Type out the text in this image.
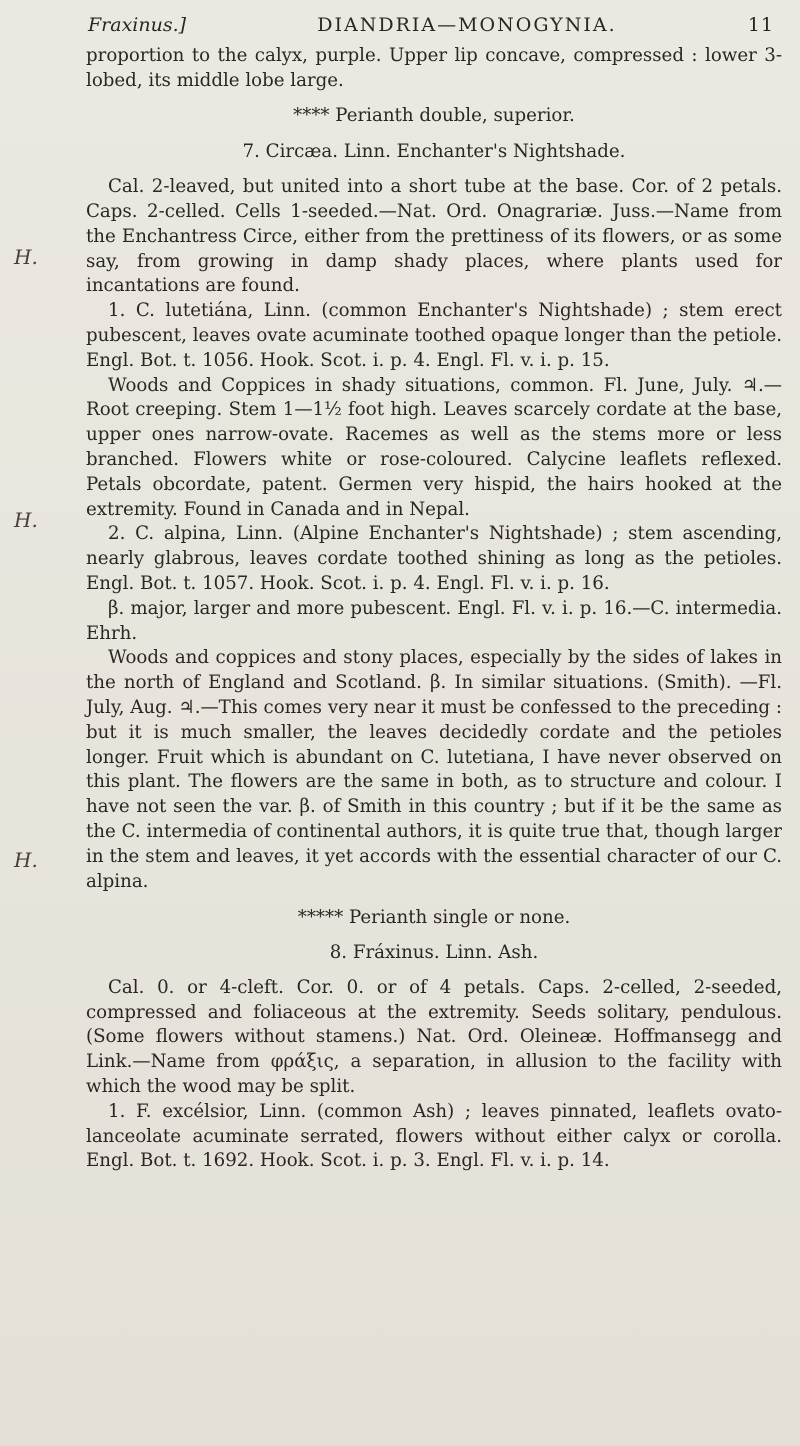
Fraxinus.]	DIANDRIA—MONOGYNIA.	11
H.
H.
H.

proportion to the calyx, purple. Upper lip concave, compressed : lower 3-lobed, its middle lobe large.

**** Perianth double, superior.

7. Circæa. Linn. Enchanter's Nightshade.

Cal. 2-leaved, but united into a short tube at the base. Cor. of 2 petals. Caps. 2-celled. Cells 1-seeded.—Nat. Ord. Onagrariæ. Juss.—Name from the Enchantress Circe, either from the prettiness of its flowers, or as some say, from growing in damp shady places, where plants used for incantations are found.

1. C. lutetiána, Linn. (common Enchanter's Nightshade) ; stem erect pubescent, leaves ovate acuminate toothed opaque longer than the petiole. Engl. Bot. t. 1056. Hook. Scot. i. p. 4. Engl. Fl. v. i. p. 15.

Woods and Coppices in shady situations, common. Fl. June, July. ♃.—Root creeping. Stem 1—1½ foot high. Leaves scarcely cordate at the base, upper ones narrow-ovate. Racemes as well as the stems more or less branched. Flowers white or rose-coloured. Calycine leaflets reflexed. Petals obcordate, patent. Germen very hispid, the hairs hooked at the extremity. Found in Canada and in Nepal.

2. C. alpina, Linn. (Alpine Enchanter's Nightshade) ; stem ascending, nearly glabrous, leaves cordate toothed shining as long as the petioles. Engl. Bot. t. 1057. Hook. Scot. i. p. 4. Engl. Fl. v. i. p. 16.

β. major, larger and more pubescent. Engl. Fl. v. i. p. 16.—C. intermedia. Ehrh.

Woods and coppices and stony places, especially by the sides of lakes in the north of England and Scotland. β. In similar situations. (Smith). —Fl. July, Aug. ♃.—This comes very near it must be confessed to the preceding : but it is much smaller, the leaves decidedly cordate and the petioles longer. Fruit which is abundant on C. lutetiana, I have never observed on this plant. The flowers are the same in both, as to structure and colour. I have not seen the var. β. of Smith in this country ; but if it be the same as the C. intermedia of continental authors, it is quite true that, though larger in the stem and leaves, it yet accords with the essential character of our C. alpina.

***** Perianth single or none.

8. Fráxinus. Linn. Ash.

Cal. 0. or 4-cleft. Cor. 0. or of 4 petals. Caps. 2-celled, 2-seeded, compressed and foliaceous at the extremity. Seeds solitary, pendulous. (Some flowers without stamens.) Nat. Ord. Oleineæ. Hoffmansegg and Link.—Name from φράξις, a separation, in allusion to the facility with which the wood may be split.

1. F. excélsior, Linn. (common Ash) ; leaves pinnated, leaflets ovato-lanceolate acuminate serrated, flowers without either calyx or corolla. Engl. Bot. t. 1692. Hook. Scot. i. p. 3. Engl. Fl. v. i. p. 14.
